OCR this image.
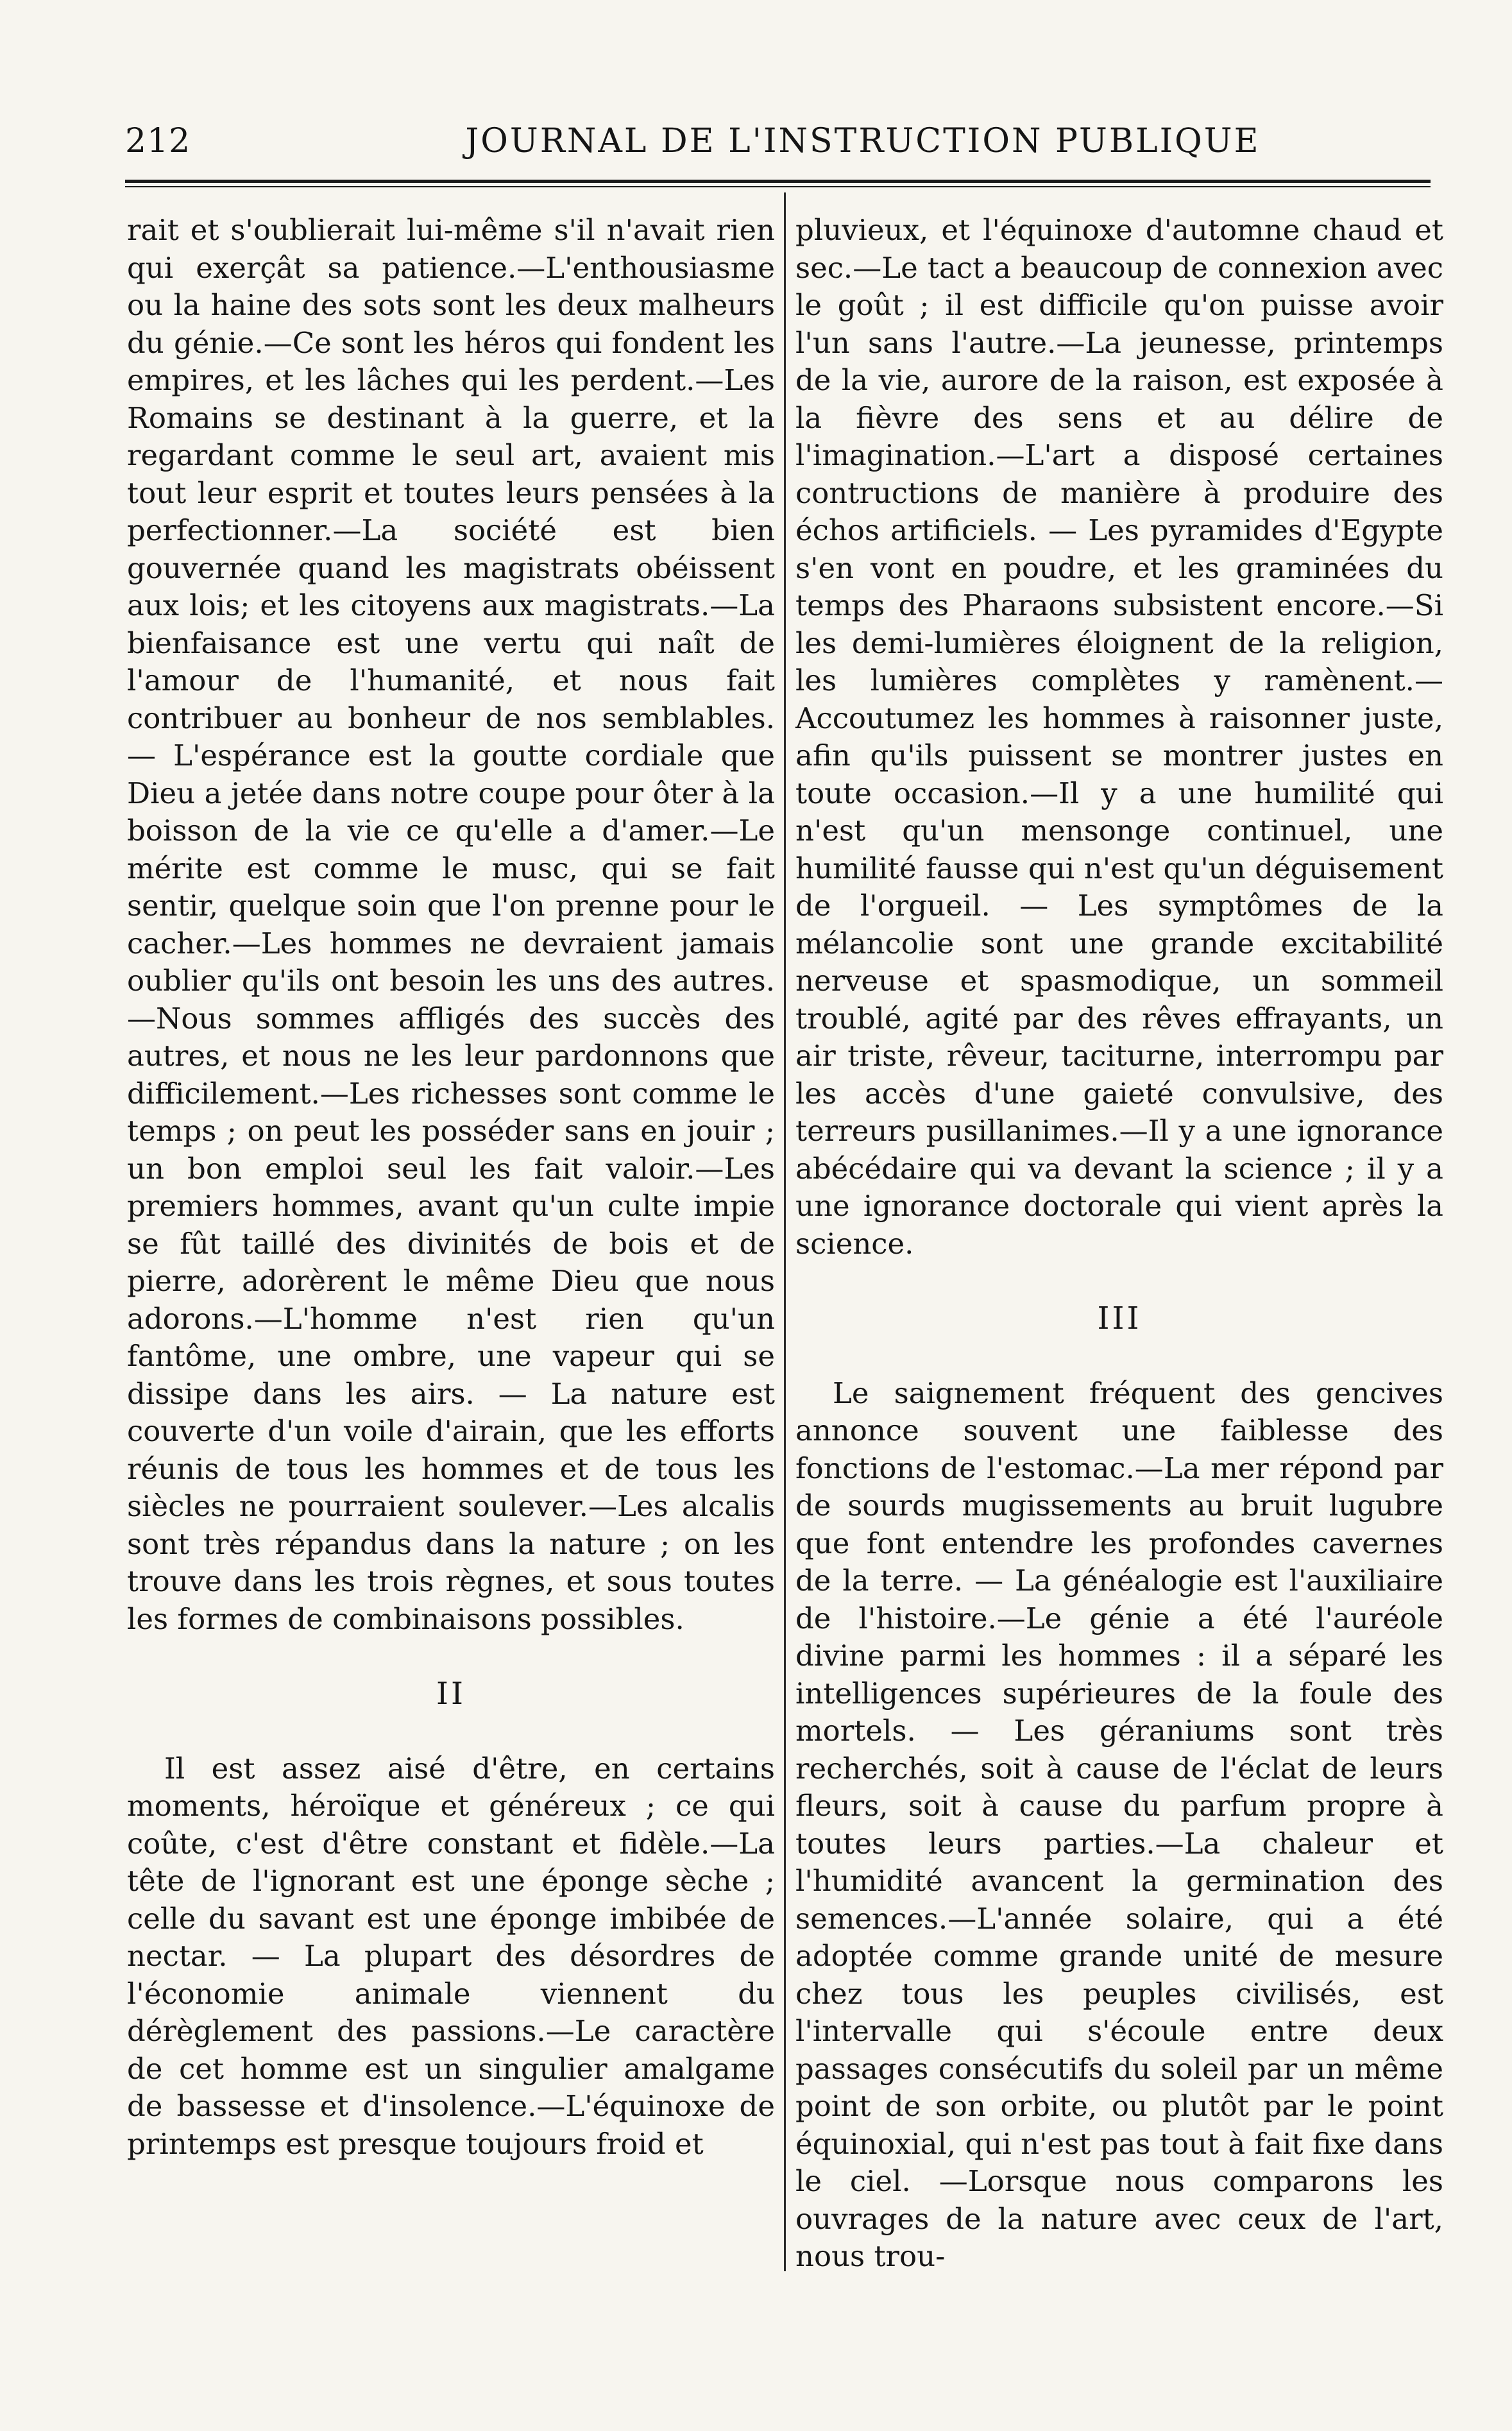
212	JOURNAL DE L'INSTRUCTION PUBLIQUE

rait et s'oublierait lui-même s'il n'avait rien qui exerçât sa patience.—L'enthousiasme ou la haine des sots sont les deux malheurs du génie.—Ce sont les héros qui fondent les empires, et les lâches qui les perdent.—Les Romains se destinant à la guerre, et la regardant comme le seul art, avaient mis tout leur esprit et toutes leurs pensées à la perfectionner.—La société est bien gouvernée quand les magistrats obéissent aux lois; et les citoyens aux magistrats.—La bienfaisance est une vertu qui naît de l'amour de l'humanité, et nous fait contribuer au bonheur de nos semblables. — L'espérance est la goutte cordiale que Dieu a jetée dans notre coupe pour ôter à la boisson de la vie ce qu'elle a d'amer.—Le mérite est comme le musc, qui se fait sentir, quelque soin que l'on prenne pour le cacher.—Les hommes ne devraient jamais oublier qu'ils ont besoin les uns des autres.—Nous sommes affligés des succès des autres, et nous ne les leur pardonnons que difficilement.—Les richesses sont comme le temps ; on peut les posséder sans en jouir ; un bon emploi seul les fait valoir.—Les premiers hommes, avant qu'un culte impie se fût taillé des divinités de bois et de pierre, adorèrent le même Dieu que nous adorons.—L'homme n'est rien qu'un fantôme, une ombre, une vapeur qui se dissipe dans les airs. — La nature est couverte d'un voile d'airain, que les efforts réunis de tous les hommes et de tous les siècles ne pourraient soulever.—Les alcalis sont très répandus dans la nature ; on les trouve dans les trois règnes, et sous toutes les formes de combinaisons possibles.

II

Il est assez aisé d'être, en certains moments, héroïque et généreux ; ce qui coûte, c'est d'être constant et fidèle.—La tête de l'ignorant est une éponge sèche ; celle du savant est une éponge imbibée de nectar. — La plupart des désordres de l'économie animale viennent du dérèglement des passions.—Le caractère de cet homme est un singulier amalgame de bassesse et d'insolence.—L'équinoxe de printemps est presque toujours froid et

pluvieux, et l'équinoxe d'automne chaud et sec.—Le tact a beaucoup de connexion avec le goût ; il est difficile qu'on puisse avoir l'un sans l'autre.—La jeunesse, printemps de la vie, aurore de la raison, est exposée à la fièvre des sens et au délire de l'imagination.—L'art a disposé certaines contructions de manière à produire des échos artificiels. — Les pyramides d'Egypte s'en vont en poudre, et les graminées du temps des Pharaons subsistent encore.—Si les demi-lumières éloignent de la religion, les lumières complètes y ramènent.—Accoutumez les hommes à raisonner juste, afin qu'ils puissent se montrer justes en toute occasion.—Il y a une humilité qui n'est qu'un mensonge continuel, une humilité fausse qui n'est qu'un déguisement de l'orgueil. — Les symptômes de la mélancolie sont une grande excitabilité nerveuse et spasmodique, un sommeil troublé, agité par des rêves effrayants, un air triste, rêveur, taciturne, interrompu par les accès d'une gaieté convulsive, des terreurs pusillanimes.—Il y a une ignorance abécédaire qui va devant la science ; il y a une ignorance doctorale qui vient après la science.

III

Le saignement fréquent des gencives annonce souvent une faiblesse des fonctions de l'estomac.—La mer répond par de sourds mugissements au bruit lugubre que font entendre les profondes cavernes de la terre. — La généalogie est l'auxiliaire de l'histoire.—Le génie a été l'auréole divine parmi les hommes : il a séparé les intelligences supérieures de la foule des mortels. — Les géraniums sont très recherchés, soit à cause de l'éclat de leurs fleurs, soit à cause du parfum propre à toutes leurs parties.—La chaleur et l'humidité avancent la germination des semences.—L'année solaire, qui a été adoptée comme grande unité de mesure chez tous les peuples civilisés, est l'intervalle qui s'écoule entre deux passages consécutifs du soleil par un même point de son orbite, ou plutôt par le point équinoxial, qui n'est pas tout à fait fixe dans le ciel. —Lorsque nous comparons les ouvrages de la nature avec ceux de l'art, nous trou-
